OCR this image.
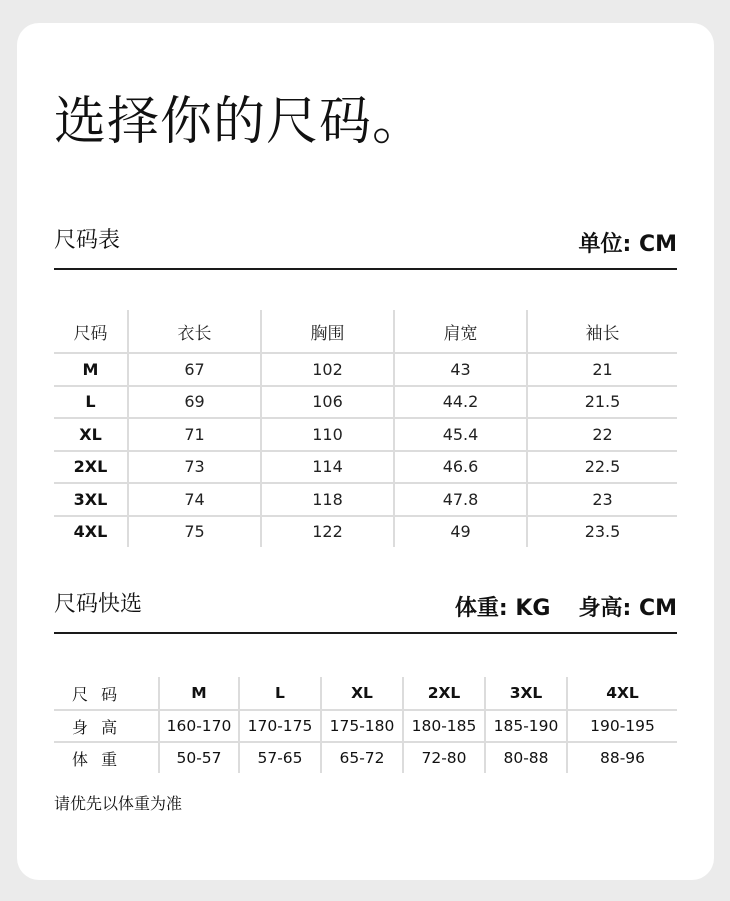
选择你的尺码。
尺码表	单位: CM
尺码	衣长	胸围	肩宽	袖长
M	67	102	43	21
L	69	106	44.2	21.5
XL	71	110	45.4	22
2XL	73	114	46.6	22.5
3XL	74	118	47.8	23
4XL	75	122	49	23.5
尺码快选	体重: KG 身高: CM
尺 码	M	L	XL	2XL	3XL	4XL
身 高	160-170	170-175	175-180	180-185	185-190	190-195
体 重	50-57	57-65	65-72	72-80	80-88	88-96
请优先以体重为准
